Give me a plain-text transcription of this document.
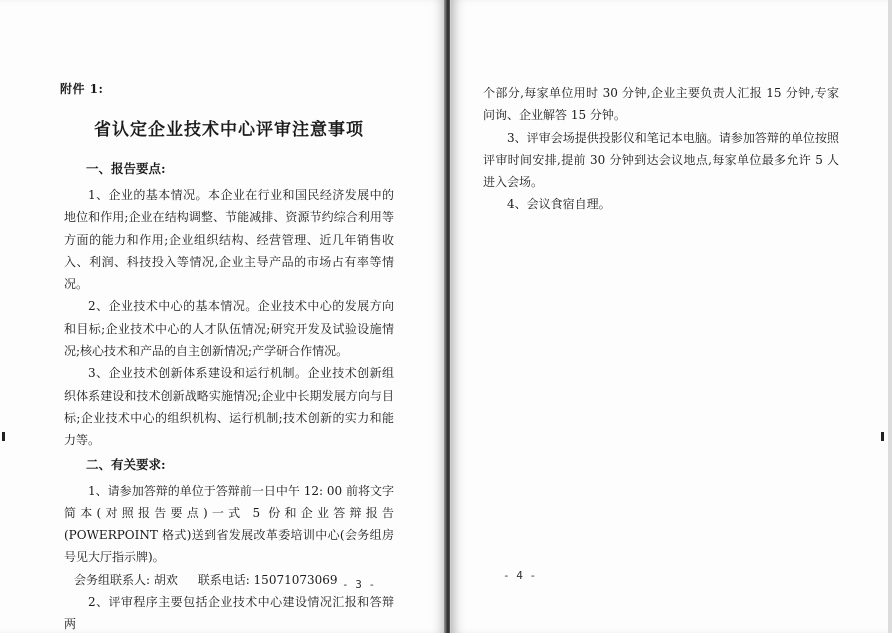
附件 1:
省认定企业技术中心评审注意事项
一、报告要点:

1、企业的基本情况。本企业在行业和国民经济发展中的地位和作用;企业在结构调整、节能减排、资源节约综合利用等方面的能力和作用;企业组织结构、经营管理、近几年销售收入、利润、科技投入等情况,企业主导产品的市场占有率等情况。

2、企业技术中心的基本情况。企业技术中心的发展方向和目标;企业技术中心的人才队伍情况;研究开发及试验设施情况;核心技术和产品的自主创新情况;产学研合作情况。

3、企业技术创新体系建设和运行机制。企业技术创新组织体系建设和技术创新战略实施情况;企业中长期发展方向与目标;企业技术中心的组织机构、运行机制;技术创新的实力和能力等。

二、有关要求:

1、请参加答辩的单位于答辩前一日中午 12: 00 前将文字简本(对照报告要点)一式 5 份和企业答辩报告(POWERPOINT 格式)送到省发展改革委培训中心(会务组房号见大厅指示牌)。

会务组联系人: 胡欢 联系电话: 15071073069

2、评审程序主要包括企业技术中心建设情况汇报和答辩两

- 3 -

个部分,每家单位用时 30 分钟,企业主要负责人汇报 15 分钟,专家问询、企业解答 15 分钟。

3、评审会场提供投影仪和笔记本电脑。请参加答辩的单位按照评审时间安排,提前 30 分钟到达会议地点,每家单位最多允许 5 人进入会场。

4、会议食宿自理。

- 4 -
